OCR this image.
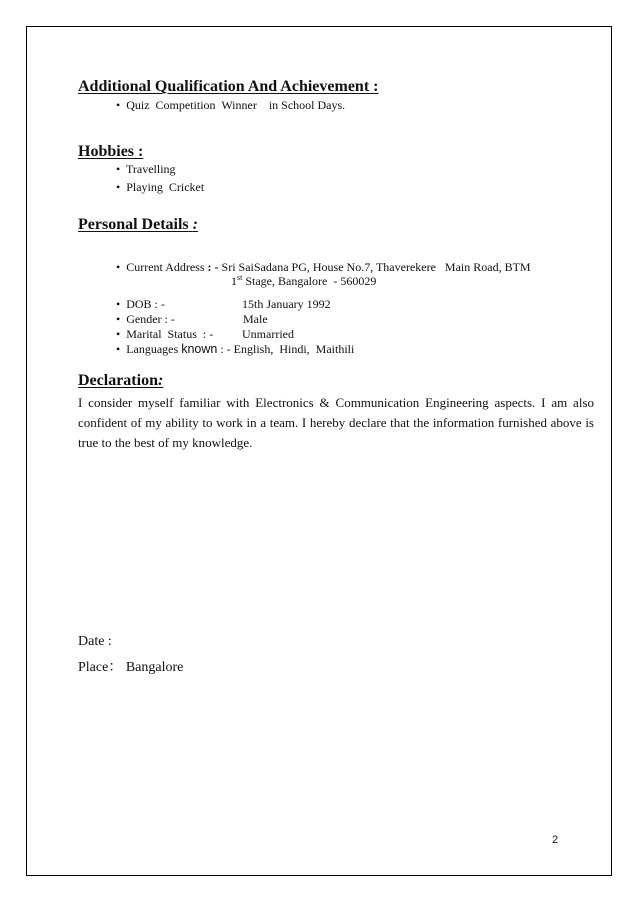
Additional Qualification And Achievement :
• Quiz  Competition  Winner    in School Days.
Hobbies :
• Travelling
• Playing  Cricket
Personal Details :
• Current Address : - Sri SaiSadana PG, House No.7, Thaverekere   Main Road, BTM
1st Stage, Bangalore  - 560029
• DOB : -	15th January 1992
• Gender : -	Male
• Marital  Status  : - Unmarried
• Languages known : - English,  Hindi,  Maithili
Declaration:
I consider myself familiar with Electronics & Communication Engineering aspects. I am also confident of my ability to work in a team. I hereby declare that the information furnished above is true to the best of my knowledge.
Date :
Place： Bangalore
2
